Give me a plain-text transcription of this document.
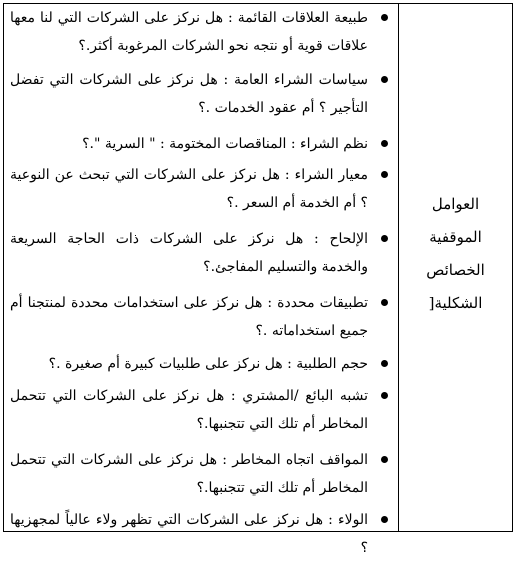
العوامل الموقفية
الخصائص
الشكلية[
طبيعة العلاقات القائمة : هل نركز على الشركات التي لنا معها علاقات قوية أو نتجه نحو الشركات المرغوبة أكثر.؟
سياسات الشراء العامة : هل نركز على الشركات التي تفضل التأجير ؟ أم عقود الخدمات .؟
نظم الشراء : المناقصات المختومة : " السرية ".؟
معيار الشراء : هل نركز على الشركات التي تبحث عن النوعية ؟ أم الخدمة أم السعر .؟
الإلحاح : هل نركز على الشركات ذات الحاجة السريعة والخدمة والتسليم المفاجئ.؟
تطبيقات محددة : هل نركز على استخدامات محددة لمنتجنا أم جميع استخداماته .؟
حجم الطلبية : هل نركز على طلبيات كبيرة أم صغيرة .؟
تشبه البائع /المشتري : هل نركز على الشركات التي تتحمل المخاطر أم تلك التي تتجنبها.؟
المواقف اتجاه المخاطر : هل نركز على الشركات التي تتحمل المخاطر أم تلك التي تتجنبها.؟
الولاء : هل نركز على الشركات التي تظهر ولاء عالياً لمجهزيها ؟
